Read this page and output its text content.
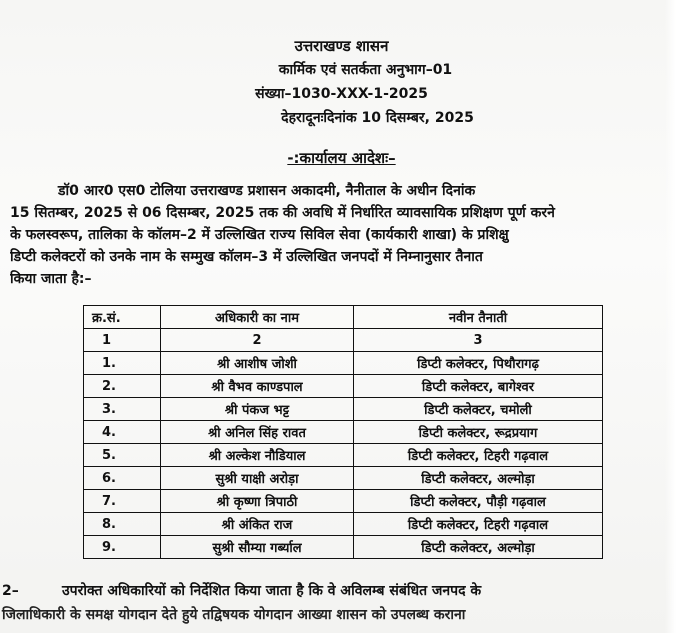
उत्तराखण्ड शासन
कार्मिक एवं सतर्कता अनुभाग–01
संख्या–1030-XXX-1-2025
देहरादूनःदिनांक 10 दिसम्बर, 2025
-:कार्यालय आदेशः–
डॉ0 आर0 एस0 टोलिया उत्तराखण्ड प्रशासन अकादमी, नैनीताल के अधीन दिनांक
15 सितम्बर, 2025 से 06 दिसम्बर, 2025 तक की अवधि में निर्धारित व्यावसायिक प्रशिक्षण पूर्ण करने
के फलस्वरूप, तालिका के कॉलम–2 में उल्लिखित राज्य सिविल सेवा (कार्यकारी शाखा) के प्रशिक्षु
डिप्टी कलेक्टरों को उनके नाम के सम्मुख कॉलम–3 में उल्लिखित जनपदों में निम्नानुसार तैनात
किया जाता है:–
क्र.सं.	अधिकारी का नाम	नवीन तैनाती
1	2	3
1.	श्री आशीष जोशी	डिप्टी कलेक्टर, पिथौरागढ़
2.	श्री वैभव काण्डपाल	डिप्टी कलेक्टर, बागेश्वर
3.	श्री पंकज भट्ट	डिप्टी कलेक्टर, चमोली
4.	श्री अनिल सिंह रावत	डिप्टी कलेक्टर, रूद्रप्रयाग
5.	श्री अल्केश नौडियाल	डिप्टी कलेक्टर, टिहरी गढ़वाल
6.	सुश्री याक्षी अरोड़ा	डिप्टी कलेक्टर, अल्मोड़ा
7.	श्री कृष्णा त्रिपाठी	डिप्टी कलेक्टर, पौड़ी गढ़वाल
8.	श्री अंकित राज	डिप्टी कलेक्टर, टिहरी गढ़वाल
9.	सुश्री सौम्या गर्ब्याल	डिप्टी कलेक्टर, अल्मोड़ा
2–	उपरोक्त अधिकारियों को निर्देशित किया जाता है कि वे अविलम्ब संबंधित जनपद के
जिलाधिकारी के समक्ष योगदान देते हुये तद्विषयक योगदान आख्या शासन को उपलब्ध कराना
